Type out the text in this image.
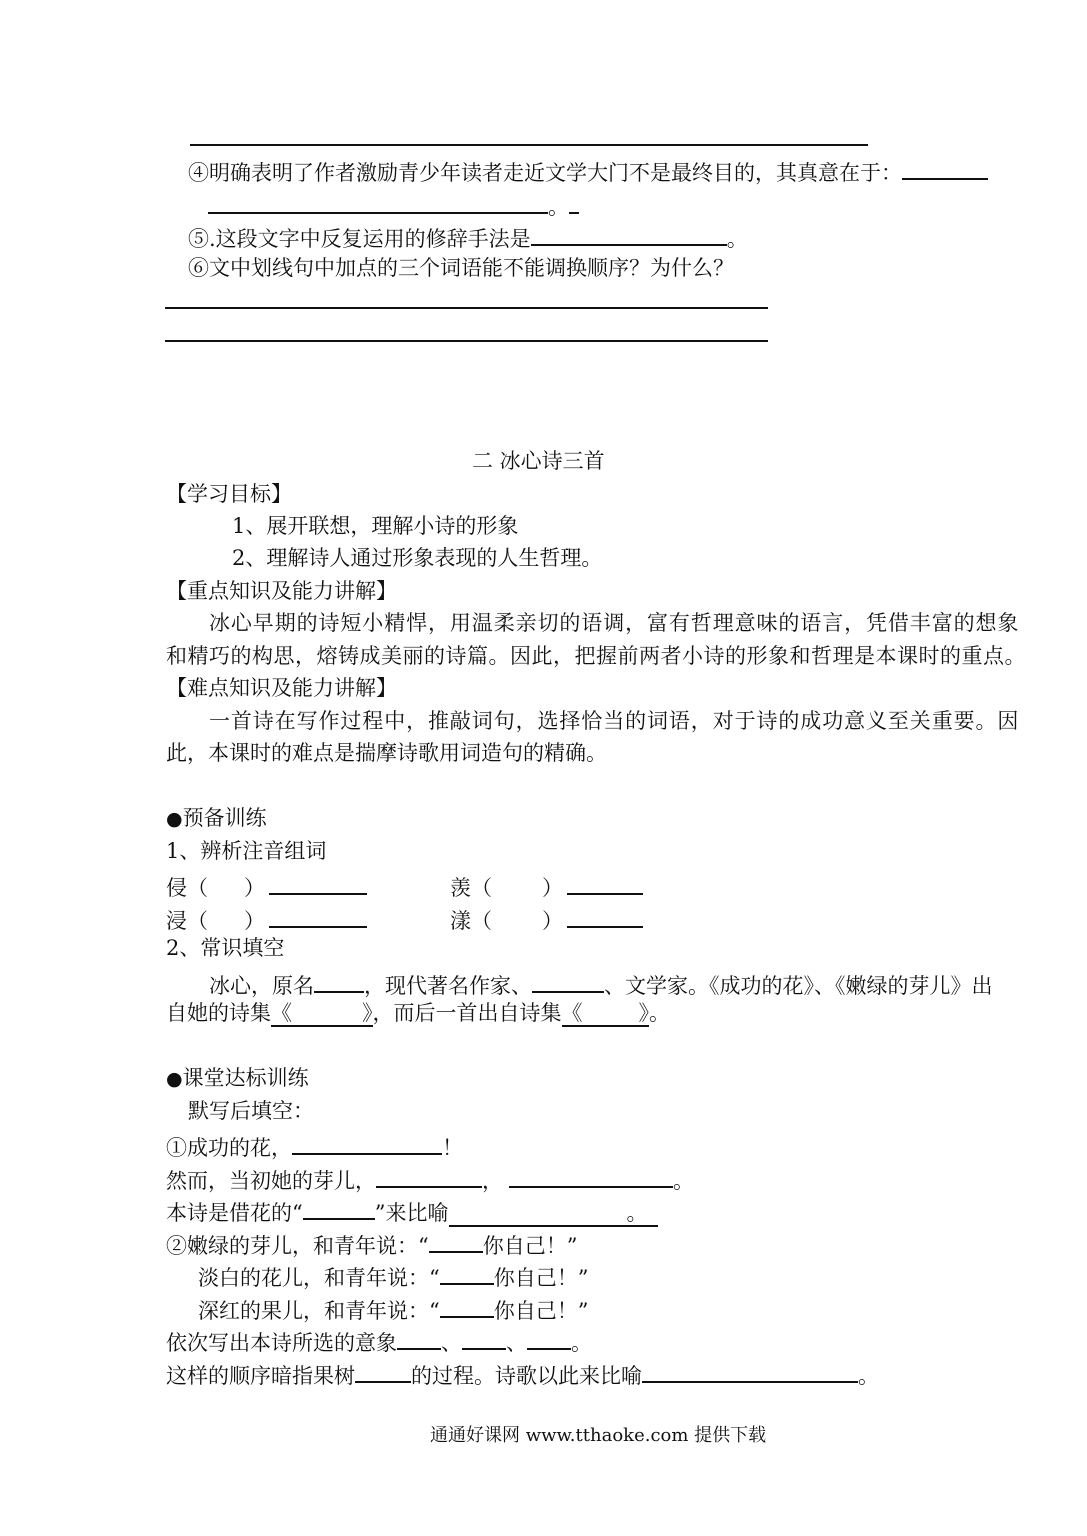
④明确表明了作者激励青少年读者走近文学大门不是最终目的，其真意在于：
。
⑤.这段文字中反复运用的修辞手法是	。
⑥文中划线句中加点的三个词语能不能调换顺序？为什么？
二 冰心诗三首
【学习目标】
1、展开联想，理解小诗的形象
2、理解诗人通过形象表现的人生哲理。
【重点知识及能力讲解】
冰心早期的诗短小精悍，用温柔亲切的语调，富有哲理意味的语言，凭借丰富的想象
和精巧的构思，熔铸成美丽的诗篇。因此，把握前两者小诗的形象和哲理是本课时的重点。
【难点知识及能力讲解】
一首诗在写作过程中，推敲词句，选择恰当的词语，对于诗的成功意义至关重要。因
此，本课时的难点是揣摩诗歌用词造句的精确。
●预备训练
1、辨析注音组词
侵（ ）	羡（ ）
浸（ ）	漾（ ）
2、常识填空
冰心，原名 ，现代著名作家、	、文学家。《成功的花》、《嫩绿的芽儿》出
自她的诗集《	》，而后一首出自诗集《	》。
●课堂达标训练
默写后填空：
①成功的花，	！
然而，当初她的芽儿，	，	。
本诗是借花的“	”来比喻	。
②嫩绿的芽儿，和青年说：“	你自己！”
淡白的花儿，和青年说：“	你自己！”
深红的果儿，和青年说：“	你自己！”
依次写出本诗所选的意象 、 、 。
这样的顺序暗指果树	的过程。诗歌以此来比喻	。
通通好课网 www.tthaoke.com 提供下载
